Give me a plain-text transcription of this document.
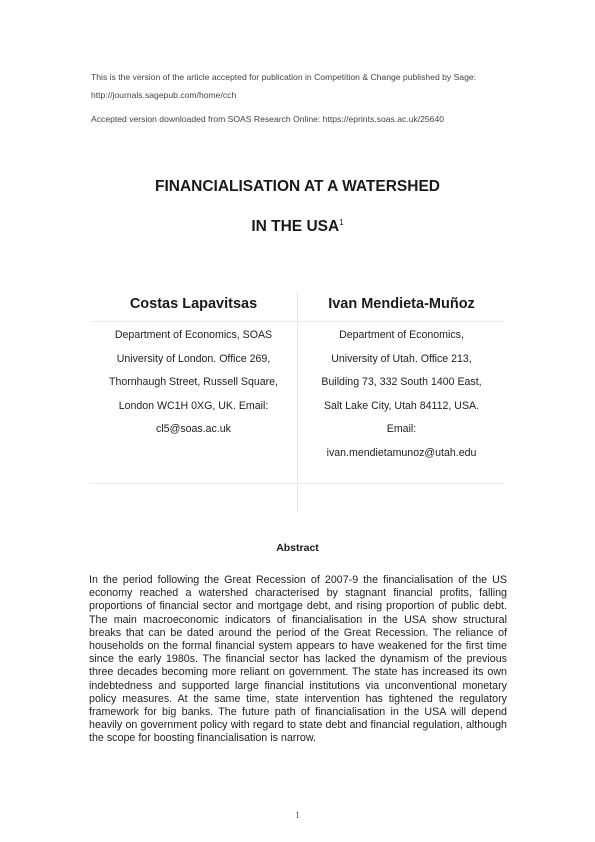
This is the version of the article accepted for publication in Competition & Change published by Sage: http://journals.sagepub.com/home/cch
Accepted version downloaded from SOAS Research Online: https://eprints.soas.ac.uk/25640
FINANCIALISATION AT A WATERSHED
IN THE USA$^1$
Costas Lapavitsas
Department of Economics, SOAS
University of London. Office 269,
Thornhaugh Street, Russell Square,
London WC1H 0XG, UK. Email:
cl5@soas.ac.uk
Ivan Mendieta-Muñoz
Department of Economics,
University of Utah. Office 213,
Building 73, 332 South 1400 East,
Salt Lake City, Utah 84112, USA.
Email:
ivan.mendietamunoz@utah.edu
Abstract
In the period following the Great Recession of 2007-9 the financialisation of the US economy reached a watershed characterised by stagnant financial profits, falling proportions of financial sector and mortgage debt, and rising proportion of public debt. The main macroeconomic indicators of financialisation in the USA show structural breaks that can be dated around the period of the Great Recession. The reliance of households on the formal financial system appears to have weakened for the first time since the early 1980s. The financial sector has lacked the dynamism of the previous three decades becoming more reliant on government. The state has increased its own indebtedness and supported large financial institutions via unconventional monetary policy measures. At the same time, state intervention has tightened the regulatory framework for big banks. The future path of financialisation in the USA will depend heavily on government policy with regard to state debt and financial regulation, although the scope for boosting financialisation is narrow.
1
